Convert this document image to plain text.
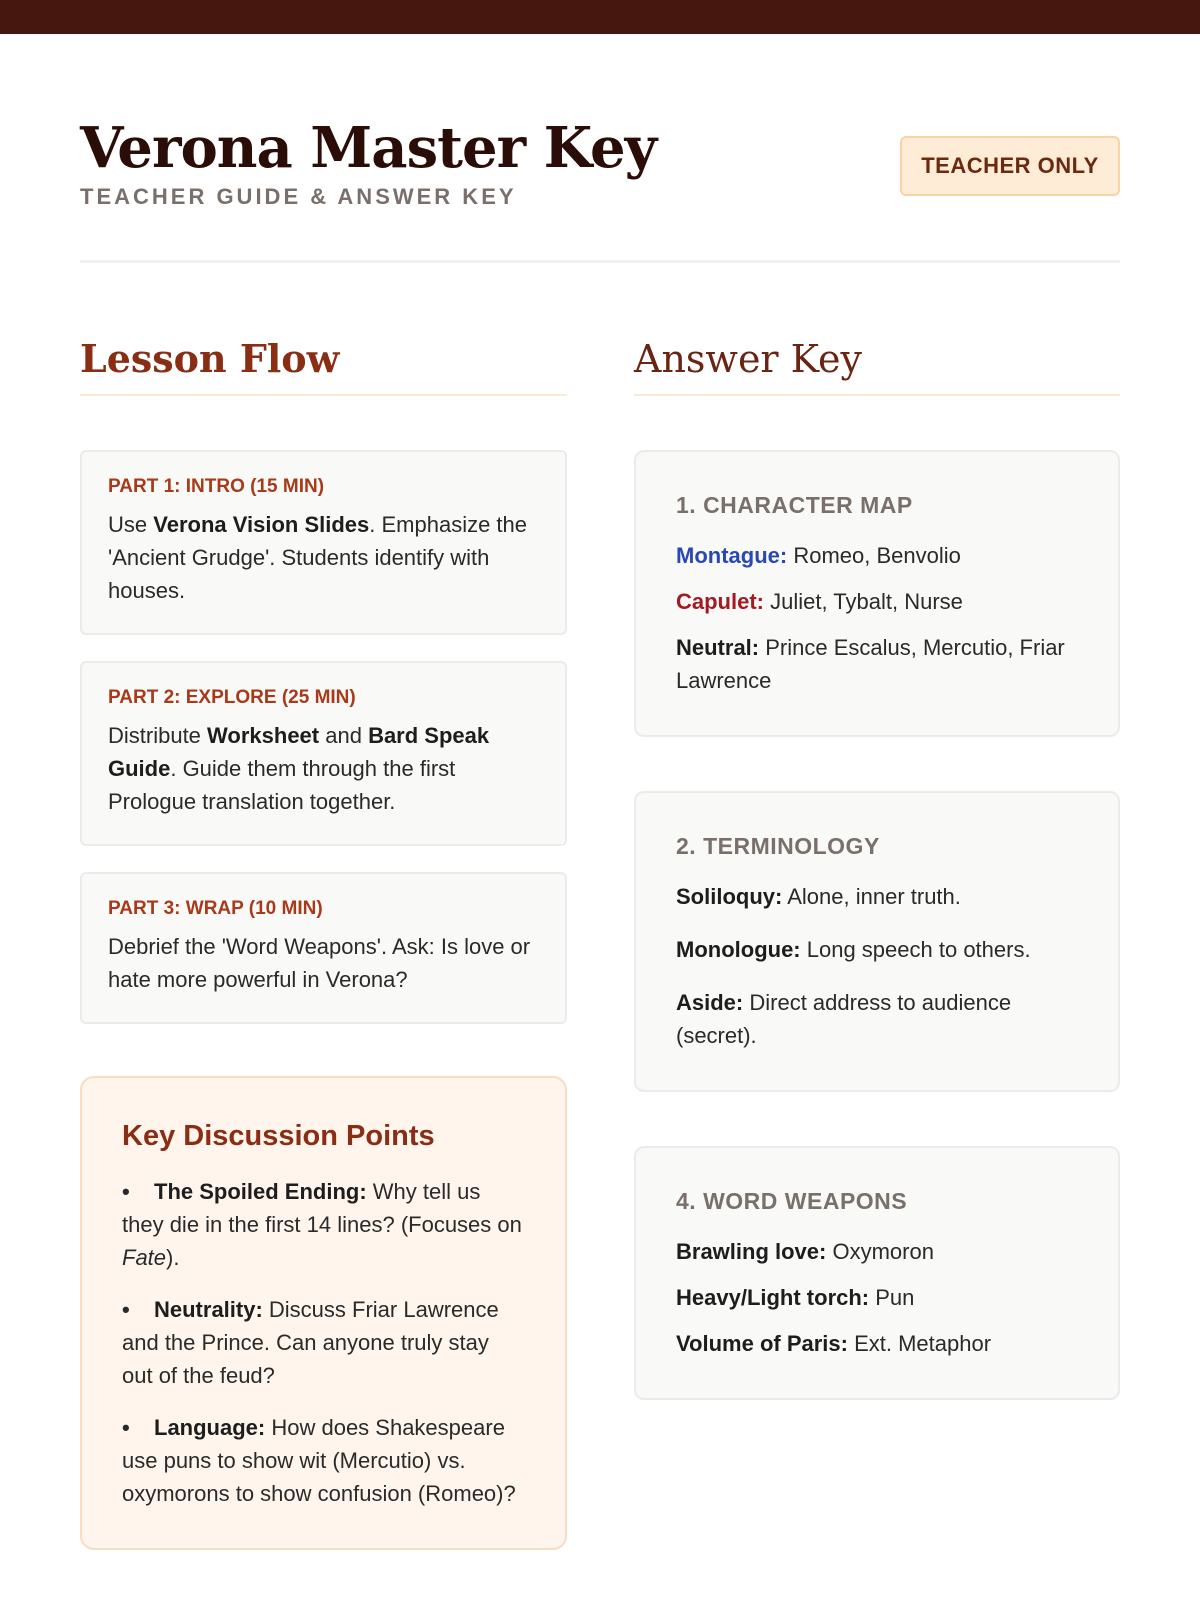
Verona Master Key
TEACHER GUIDE & ANSWER KEY
TEACHER ONLY
Lesson Flow
PART 1: INTRO (15 MIN)
Use Verona Vision Slides. Emphasize the 'Ancient Grudge'. Students identify with houses.
PART 2: EXPLORE (25 MIN)
Distribute Worksheet and Bard Speak Guide. Guide them through the first Prologue translation together.
PART 3: WRAP (10 MIN)
Debrief the 'Word Weapons'. Ask: Is love or hate more powerful in Verona?
Key Discussion Points
• The Spoiled Ending: Why tell us they die in the first 14 lines? (Focuses on Fate).
• Neutrality: Discuss Friar Lawrence and the Prince. Can anyone truly stay out of the feud?
• Language: How does Shakespeare use puns to show wit (Mercutio) vs. oxymorons to show confusion (Romeo)?
Answer Key
1. CHARACTER MAP
Montague: Romeo, Benvolio
Capulet: Juliet, Tybalt, Nurse
Neutral: Prince Escalus, Mercutio, Friar Lawrence
2. TERMINOLOGY
Soliloquy: Alone, inner truth.
Monologue: Long speech to others.
Aside: Direct address to audience (secret).
4. WORD WEAPONS
Brawling love: Oxymoron
Heavy/Light torch: Pun
Volume of Paris: Ext. Metaphor
